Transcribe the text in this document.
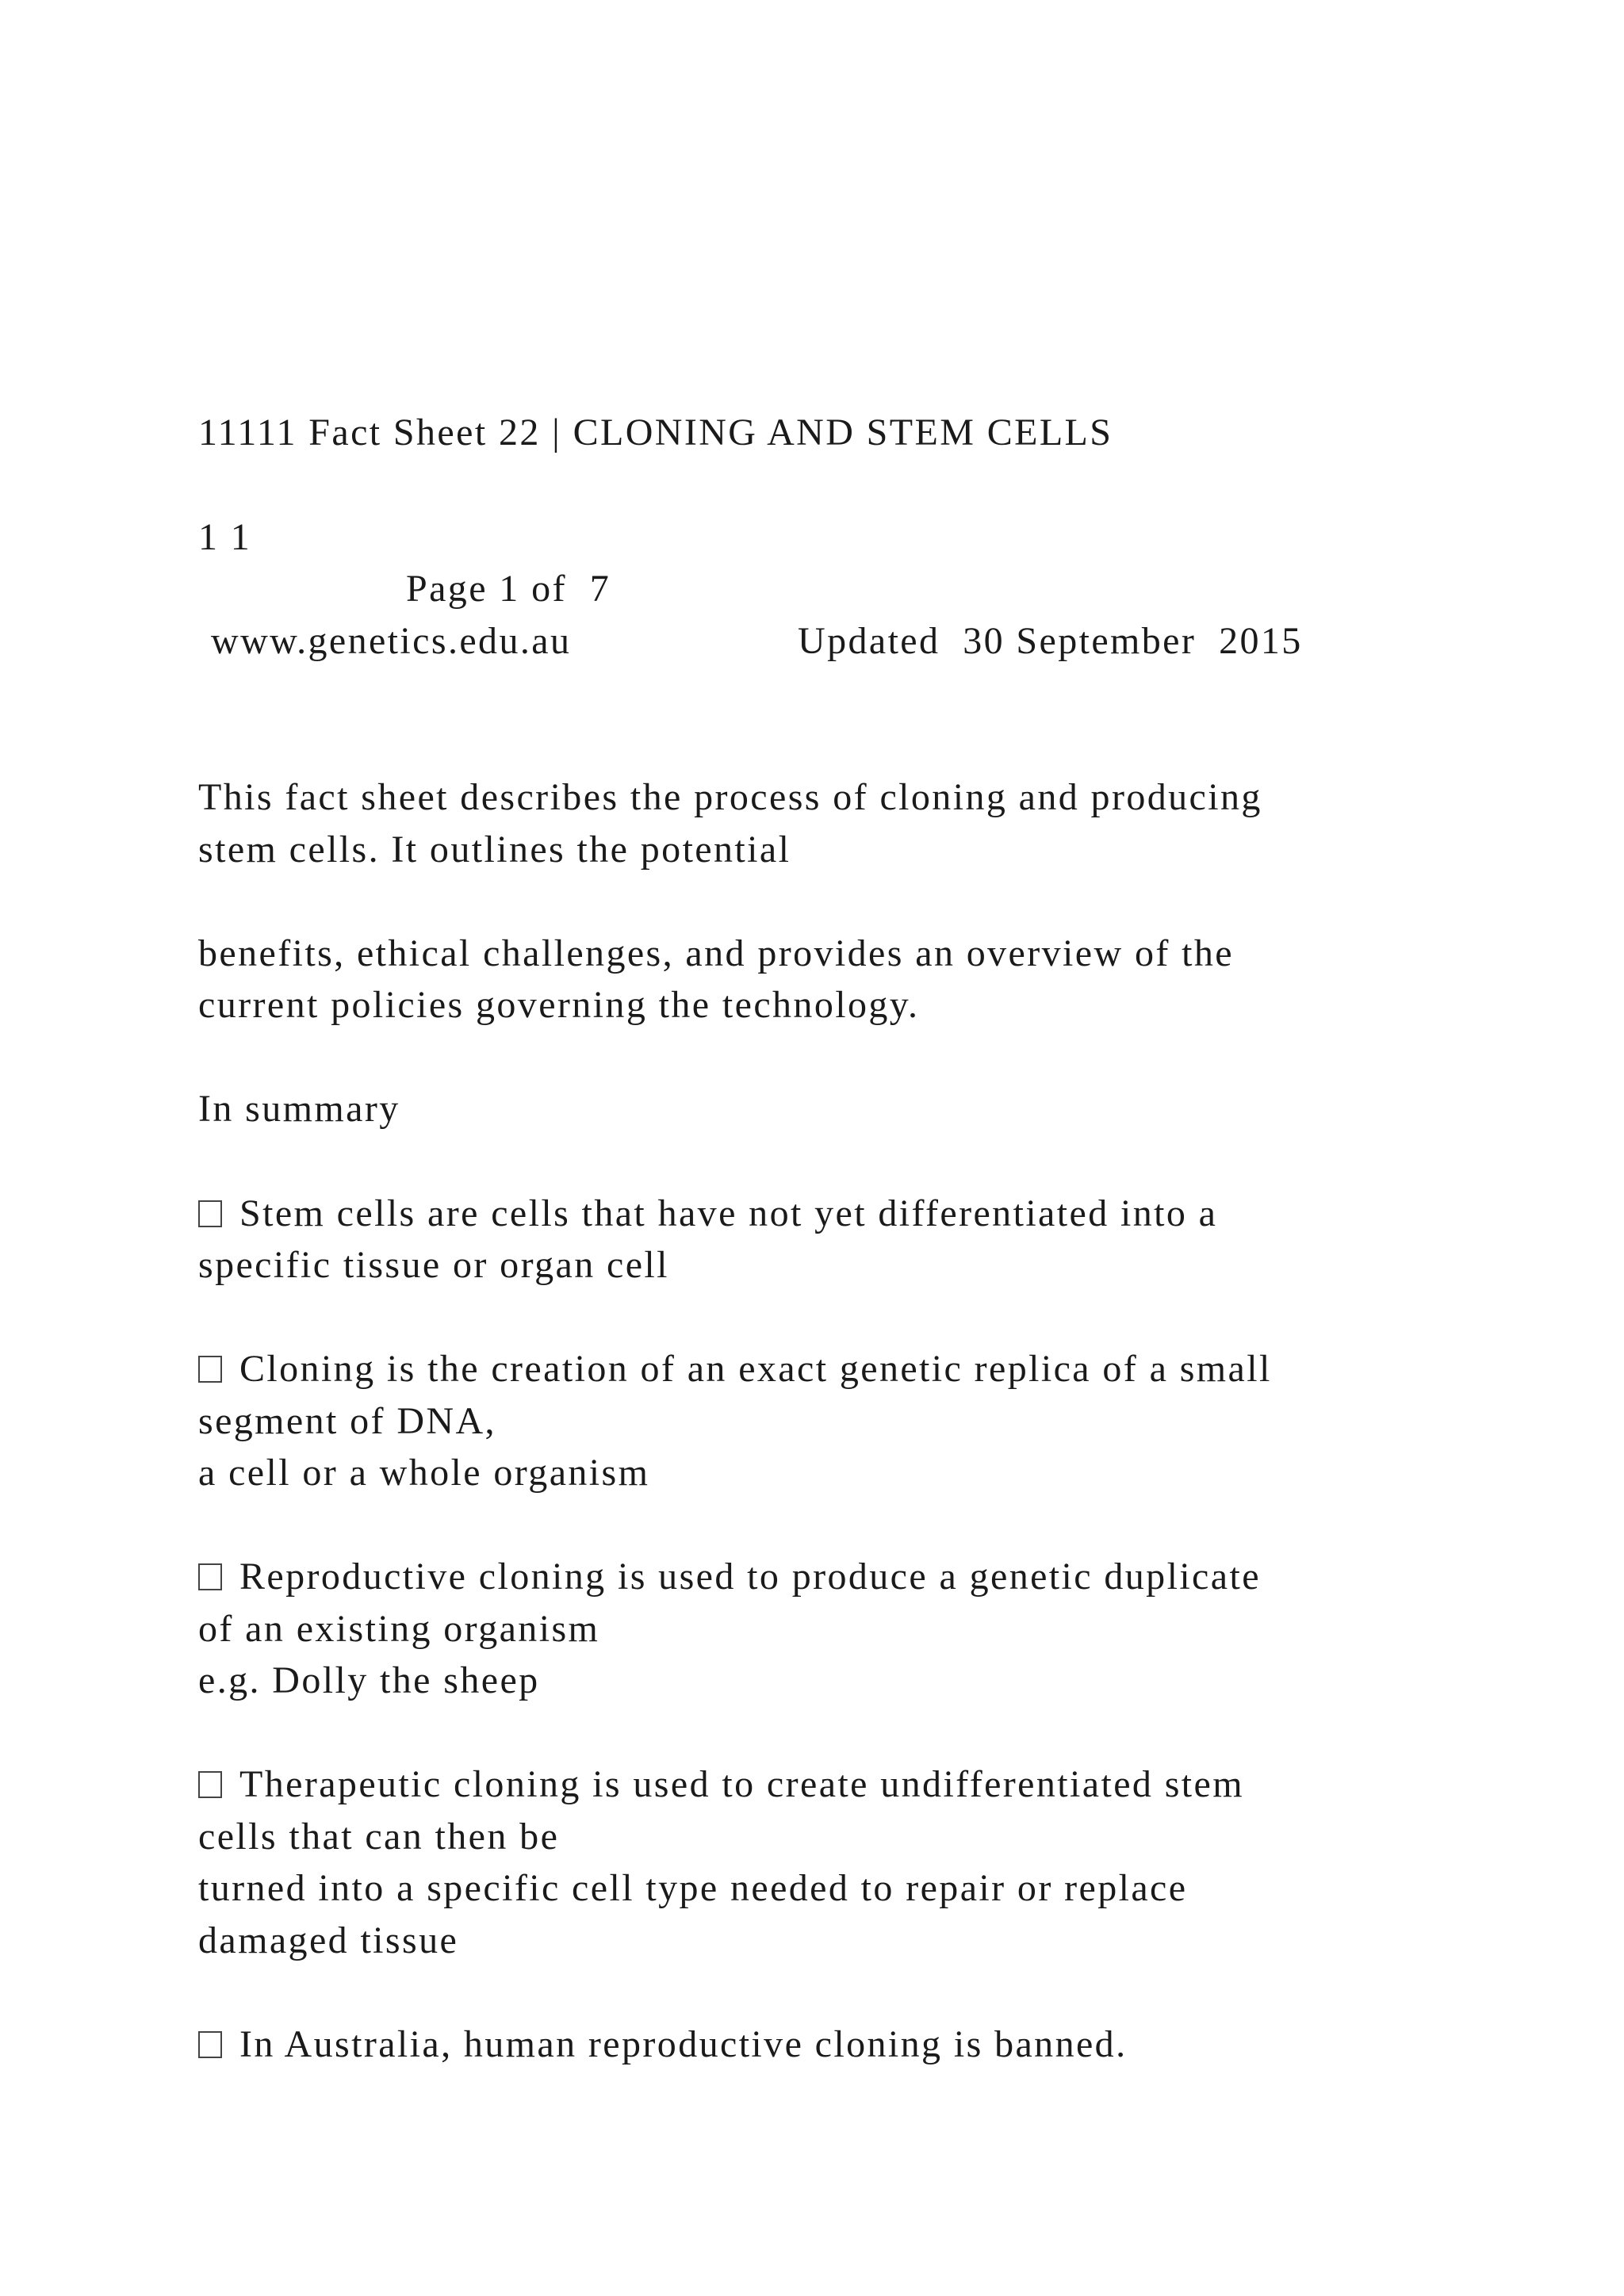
11111 Fact Sheet 22 | CLONING AND STEM CELLS

1 1

Page 1 of  7

www.genetics.edu.au	Updated  30 September  2015

This fact sheet describes the process of cloning and producing

stem cells. It outlines the potential

benefits, ethical challenges, and provides an overview of the

current policies governing the technology.

In summary

Stem cells are cells that have not yet differentiated into a

specific tissue or organ cell

Cloning is the creation of an exact genetic replica of a small

segment of DNA,

a cell or a whole organism

Reproductive cloning is used to produce a genetic duplicate

of an existing organism

e.g. Dolly the sheep

Therapeutic cloning is used to create undifferentiated stem

cells that can then be

turned into a specific cell type needed to repair or replace

damaged tissue

In Australia, human reproductive cloning is banned.
